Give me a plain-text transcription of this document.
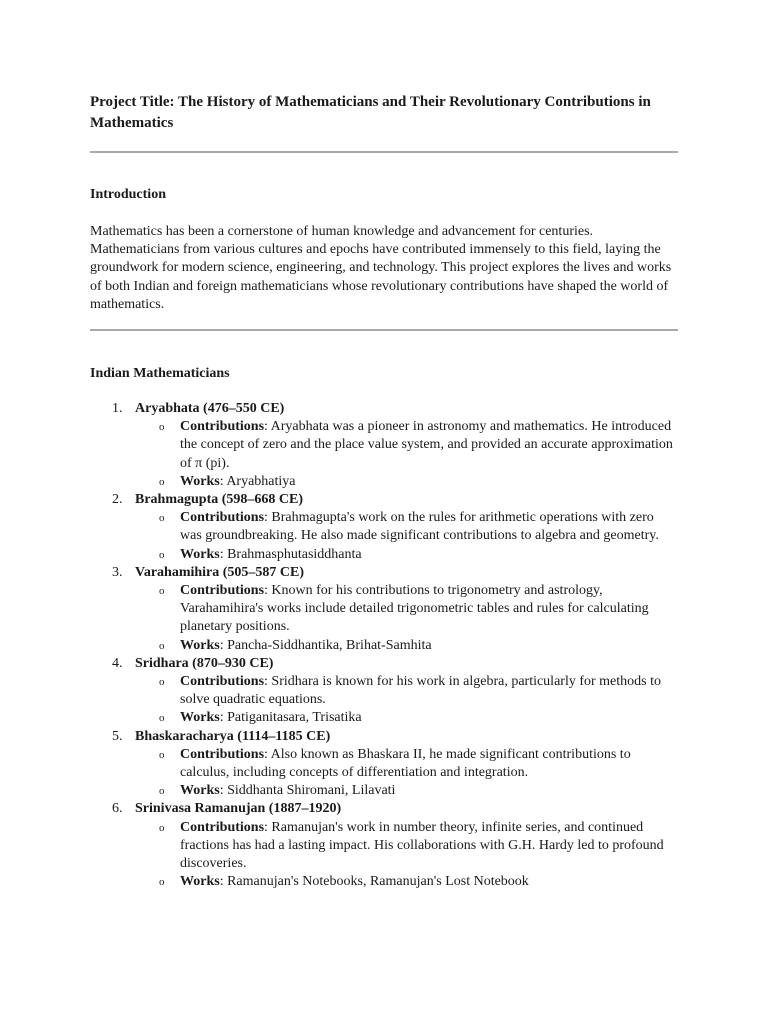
Project Title: The History of Mathematicians and Their Revolutionary Contributions in Mathematics
Introduction

Mathematics has been a cornerstone of human knowledge and advancement for centuries. Mathematicians from various cultures and epochs have contributed immensely to this field, laying the groundwork for modern science, engineering, and technology. This project explores the lives and works of both Indian and foreign mathematicians whose revolutionary contributions have shaped the world of mathematics.

Indian Mathematicians
1. Aryabhata (476–550 CE)
o Contributions: Aryabhata was a pioneer in astronomy and mathematics. He introduced the concept of zero and the place value system, and provided an accurate approximation of π (pi).
o Works: Aryabhatiya
2. Brahmagupta (598–668 CE)
o Contributions: Brahmagupta's work on the rules for arithmetic operations with zero was groundbreaking. He also made significant contributions to algebra and geometry.
o Works: Brahmasphutasiddhanta
3. Varahamihira (505–587 CE)
o Contributions: Known for his contributions to trigonometry and astrology, Varahamihira's works include detailed trigonometric tables and rules for calculating planetary positions.
o Works: Pancha-Siddhantika, Brihat-Samhita
4. Sridhara (870–930 CE)
o Contributions: Sridhara is known for his work in algebra, particularly for methods to solve quadratic equations.
o Works: Patiganitasara, Trisatika
5. Bhaskaracharya (1114–1185 CE)
o Contributions: Also known as Bhaskara II, he made significant contributions to calculus, including concepts of differentiation and integration.
o Works: Siddhanta Shiromani, Lilavati
6. Srinivasa Ramanujan (1887–1920)
o Contributions: Ramanujan's work in number theory, infinite series, and continued fractions has had a lasting impact. His collaborations with G.H. Hardy led to profound discoveries.
o Works: Ramanujan's Notebooks, Ramanujan's Lost Notebook
